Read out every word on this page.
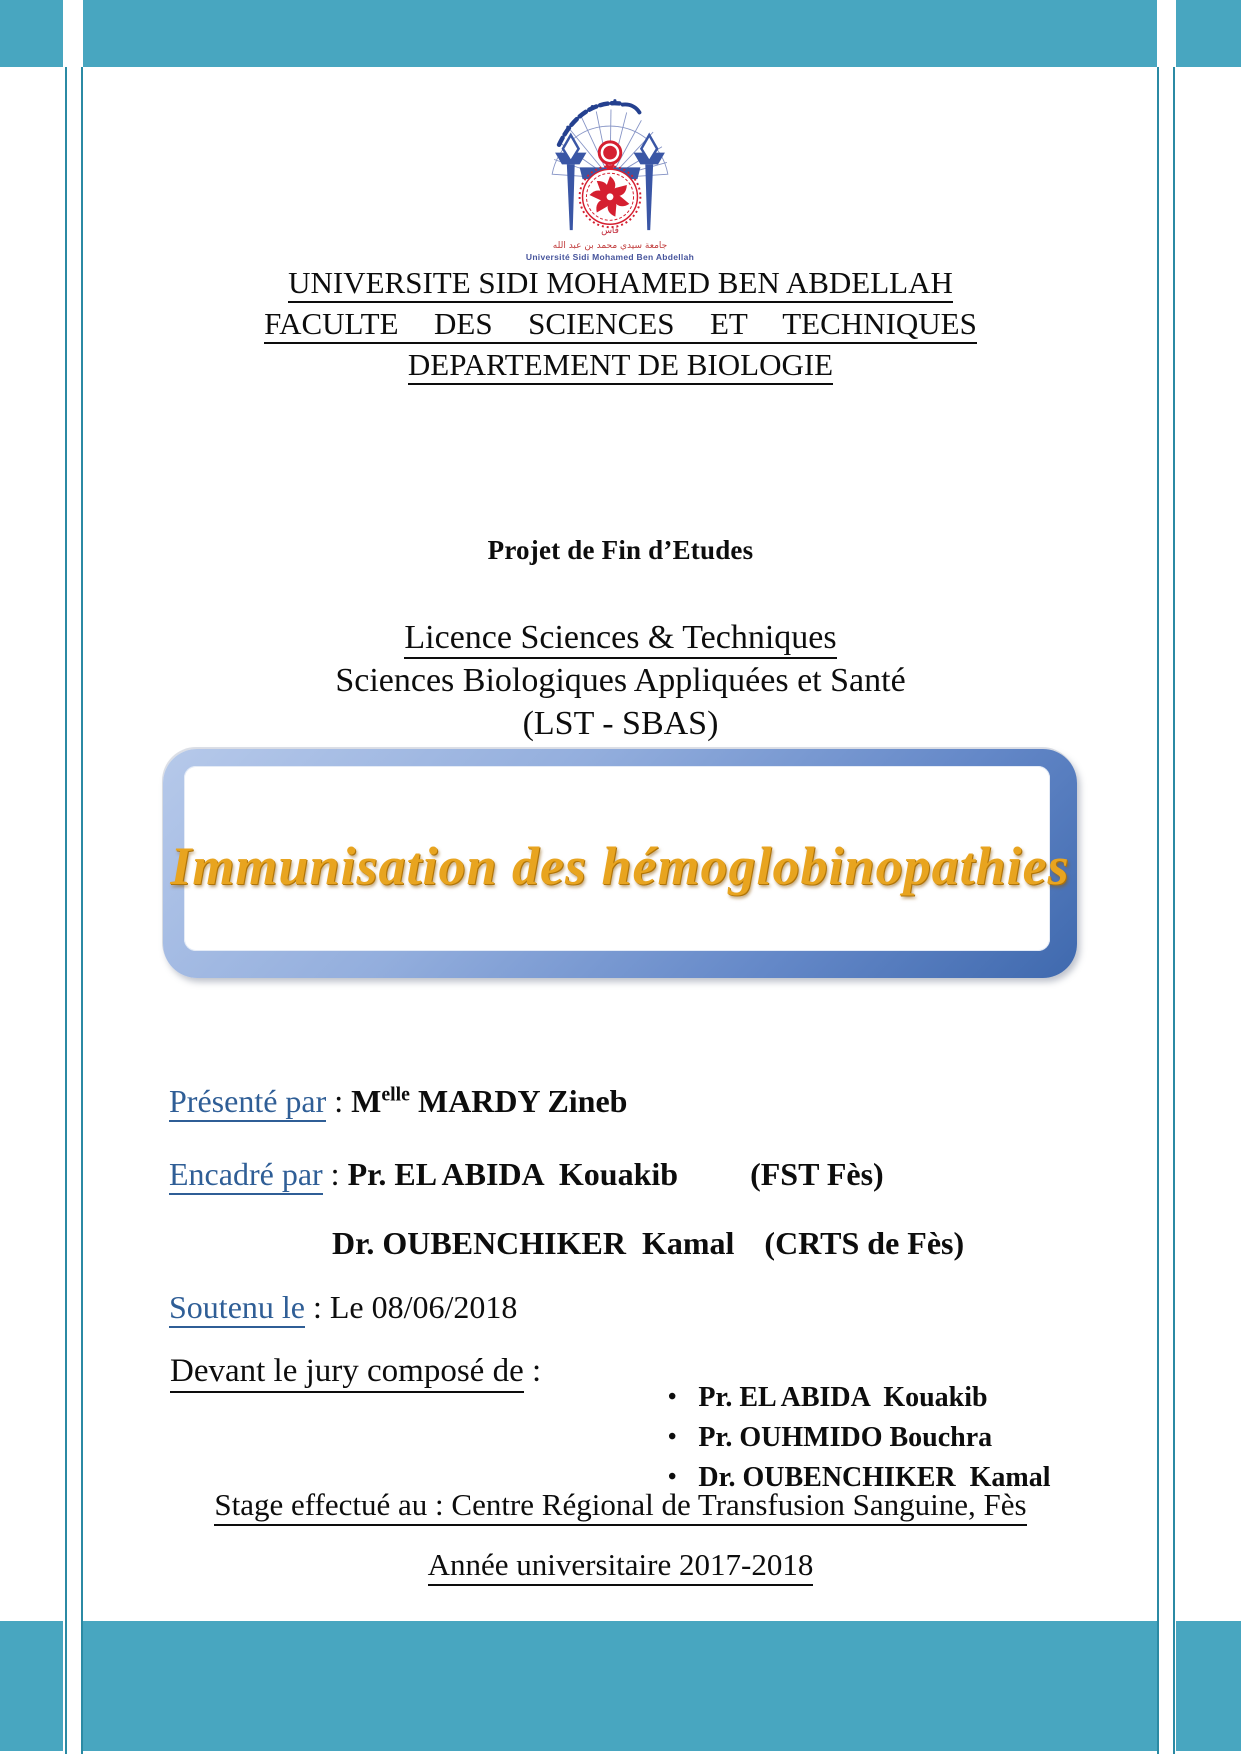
فاس
جامعة سيدي محمد بن عبد الله
Université Sidi Mohamed Ben Abdellah
UNIVERSITE SIDI MOHAMED BEN ABDELLAH
FACULTE  DES  SCIENCES  ET  TECHNIQUES
DEPARTEMENT DE BIOLOGIE
Projet de Fin d’Etudes
Licence Sciences & Techniques
Sciences Biologiques Appliquées et Santé
(LST - SBAS)
Immunisation des hémoglobinopathies

Présenté par : $M^{elle}$ MARDY Zineb

Encadré par : Pr. EL ABIDA  Kouakib (FST Fès)

Dr. OUBENCHIKER  Kamal (CRTS de Fès)

Soutenu le : Le 08/06/2018

Devant le jury composé de :

• Pr. EL ABIDA  Kouakib

• Pr. OUHMIDO Bouchra

• Dr. OUBENCHIKER  Kamal

Stage effectué au : Centre Régional de Transfusion Sanguine, Fès
Année universitaire 2017-2018
